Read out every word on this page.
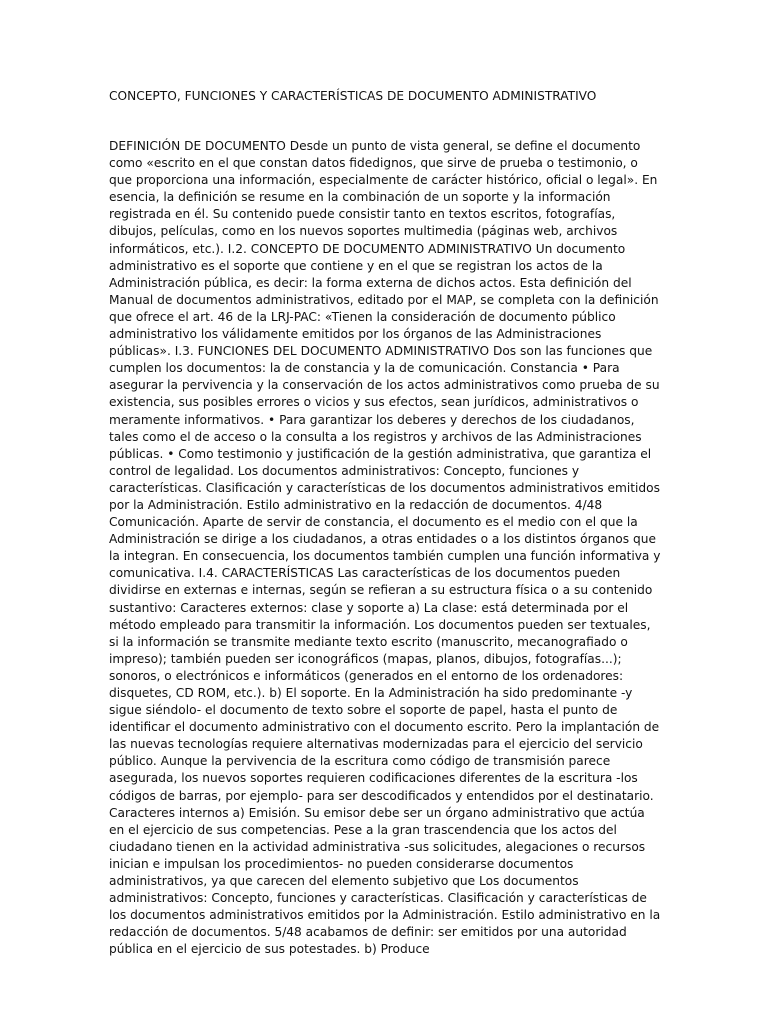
CONCEPTO, FUNCIONES Y CARACTERÍSTICAS DE DOCUMENTO ADMINISTRATIVO

DEFINICIÓN DE DOCUMENTO Desde un punto de vista general, se define el documento como «escrito en el que constan datos fidedignos, que sirve de prueba o testimonio, o que proporciona una información, especialmente de carácter histórico, oficial o legal». En esencia, la definición se resume en la combinación de un soporte y la información registrada en él. Su contenido puede consistir tanto en textos escritos, fotografías, dibujos, películas, como en los nuevos soportes multimedia (páginas web, archivos informáticos, etc.). I.2. CONCEPTO DE DOCUMENTO ADMINISTRATIVO Un documento administrativo es el soporte que contiene y en el que se registran los actos de la Administración pública, es decir: la forma externa de dichos actos. Esta definición del Manual de documentos administrativos, editado por el MAP, se completa con la definición que ofrece el art. 46 de la LRJ-PAC: «Tienen la consideración de documento público administrativo los válidamente emitidos por los órganos de las Administraciones públicas». I.3. FUNCIONES DEL DOCUMENTO ADMINISTRATIVO Dos son las funciones que cumplen los documentos: la de constancia y la de comunicación. Constancia • Para asegurar la pervivencia y la conservación de los actos administrativos como prueba de su existencia, sus posibles errores o vicios y sus efectos, sean jurídicos, administrativos o meramente informativos. • Para garantizar los deberes y derechos de los ciudadanos, tales como el de acceso o la consulta a los registros y archivos de las Administraciones públicas. • Como testimonio y justificación de la gestión administrativa, que garantiza el control de legalidad. Los documentos administrativos: Concepto, funciones y características. Clasificación y características de los documentos administrativos emitidos por la Administración. Estilo administrativo en la redacción de documentos. 4/48 Comunicación. Aparte de servir de constancia, el documento es el medio con el que la Administración se dirige a los ciudadanos, a otras entidades o a los distintos órganos que la integran. En consecuencia, los documentos también cumplen una función informativa y comunicativa. I.4. CARACTERÍSTICAS Las características de los documentos pueden dividirse en externas e internas, según se refieran a su estructura física o a su contenido sustantivo: Caracteres externos: clase y soporte a) La clase: está determinada por el método empleado para transmitir la información. Los documentos pueden ser textuales, si la información se transmite mediante texto escrito (manuscrito, mecanografiado o impreso); también pueden ser iconográficos (mapas, planos, dibujos, fotografías...); sonoros, o electrónicos e informáticos (generados en el entorno de los ordenadores: disquetes, CD ROM, etc.). b) El soporte. En la Administración ha sido predominante -y sigue siéndolo- el documento de texto sobre el soporte de papel, hasta el punto de identificar el documento administrativo con el documento escrito. Pero la implantación de las nuevas tecnologías requiere alternativas modernizadas para el ejercicio del servicio público. Aunque la pervivencia de la escritura como código de transmisión parece asegurada, los nuevos soportes requieren codificaciones diferentes de la escritura -los códigos de barras, por ejemplo- para ser descodificados y entendidos por el destinatario. Caracteres internos a) Emisión. Su emisor debe ser un órgano administrativo que actúa en el ejercicio de sus competencias. Pese a la gran trascendencia que los actos del ciudadano tienen en la actividad administrativa -sus solicitudes, alegaciones o recursos inician e impulsan los procedimientos- no pueden considerarse documentos administrativos, ya que carecen del elemento subjetivo que Los documentos administrativos: Concepto, funciones y características. Clasificación y características de los documentos administrativos emitidos por la Administración. Estilo administrativo en la redacción de documentos. 5/48 acabamos de definir: ser emitidos por una autoridad pública en el ejercicio de sus potestades. b) Produce
